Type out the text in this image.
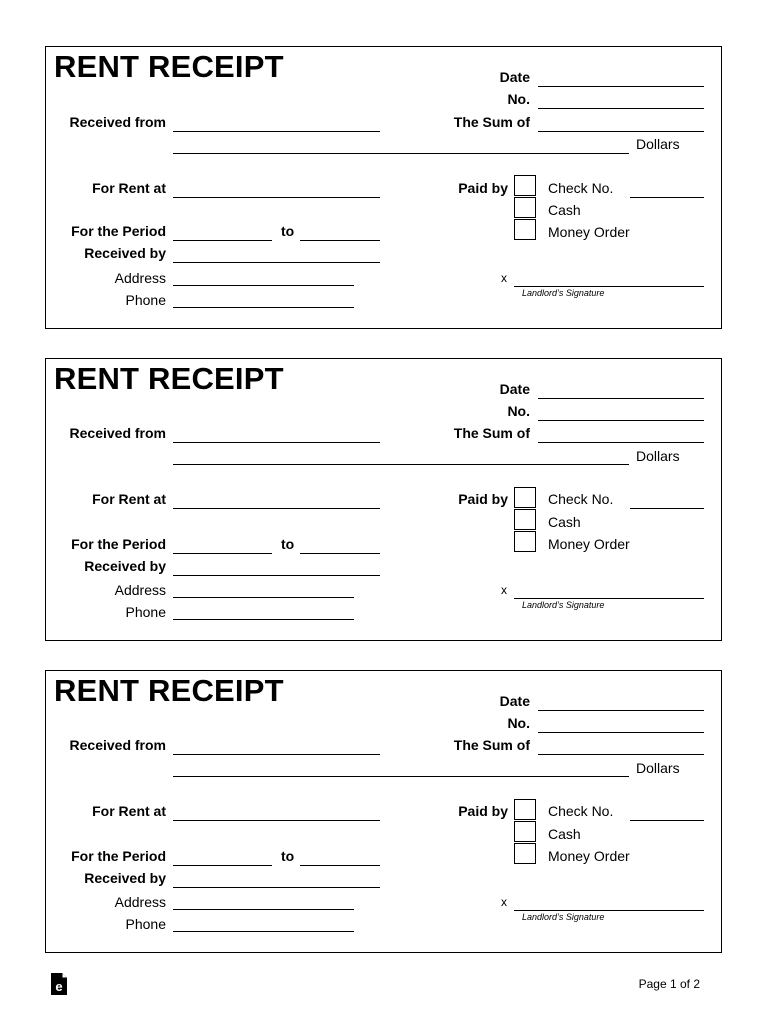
RENT RECEIPT	Date
No.
The Sum of
Received from
Dollars
For Rent at	Paid by	Check No.
Cash
Money Order
For the Period	to
Received by
Address
Phone
x
Landlord’s Signature
RENT RECEIPT	Date
No.
The Sum of
Received from
Dollars
For Rent at	Paid by	Check No.
Cash
Money Order
For the Period	to
Received by
Address
Phone
x
Landlord’s Signature
RENT RECEIPT	Date
No.
The Sum of
Received from
Dollars
For Rent at	Paid by	Check No.
Cash
Money Order
For the Period	to
Received by
Address
Phone
x
Landlord’s Signature
e	Page 1 of 2
